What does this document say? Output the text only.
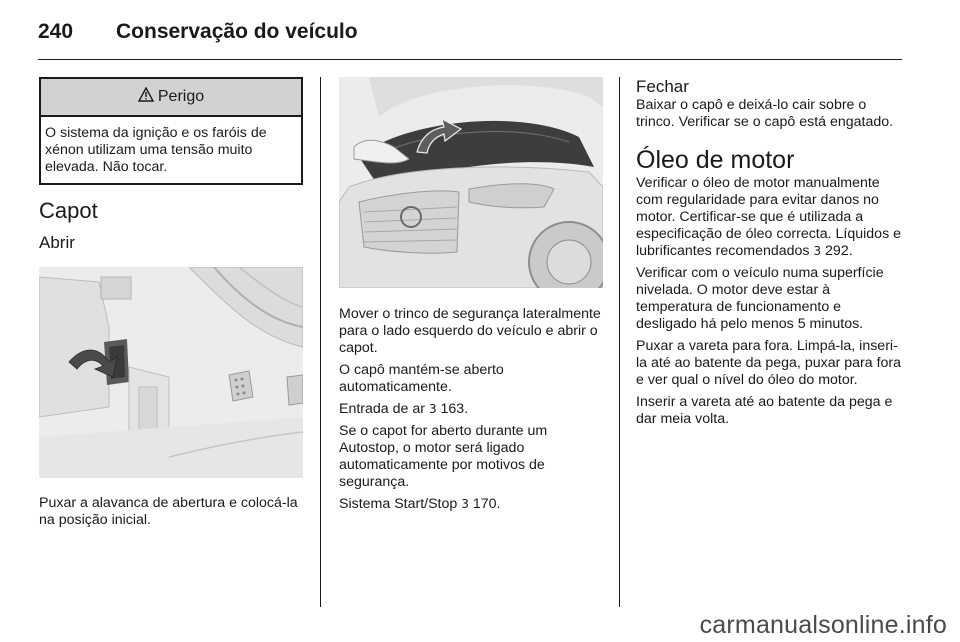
240	Conservação do veículo
Perigo
O sistema da ignição e os faróis de xénon utilizam uma tensão muito elevada. Não tocar.
Capot
Abrir

Puxar a alavanca de abertura e colocá-la na posição inicial.

Mover o trinco de segurança lateralmente para o lado esquerdo do veículo e abrir o capot.

O capô mantém-se aberto automaticamente.

Entrada de ar 3 163.

Se o capot for aberto durante um Autostop, o motor será ligado automaticamente por motivos de segurança.

Sistema Start/Stop 3 170.

Fechar

Baixar o capô e deixá-lo cair sobre o trinco. Verificar se o capô está engatado.

Óleo de motor

Verificar o óleo de motor manualmente com regularidade para evitar danos no motor. Certificar-se que é utilizada a especificação de óleo correcta. Líquidos e lubrificantes recomendados 3 292.

Verificar com o veículo numa superfície nivelada. O motor deve estar à temperatura de funcionamento e desligado há pelo menos 5 minutos.

Puxar a vareta para fora. Limpá-la, inseri-la até ao batente da pega, puxar para fora e ver qual o nível do óleo do motor.

Inserir a vareta até ao batente da pega e dar meia volta.

carmanualsonline.info
